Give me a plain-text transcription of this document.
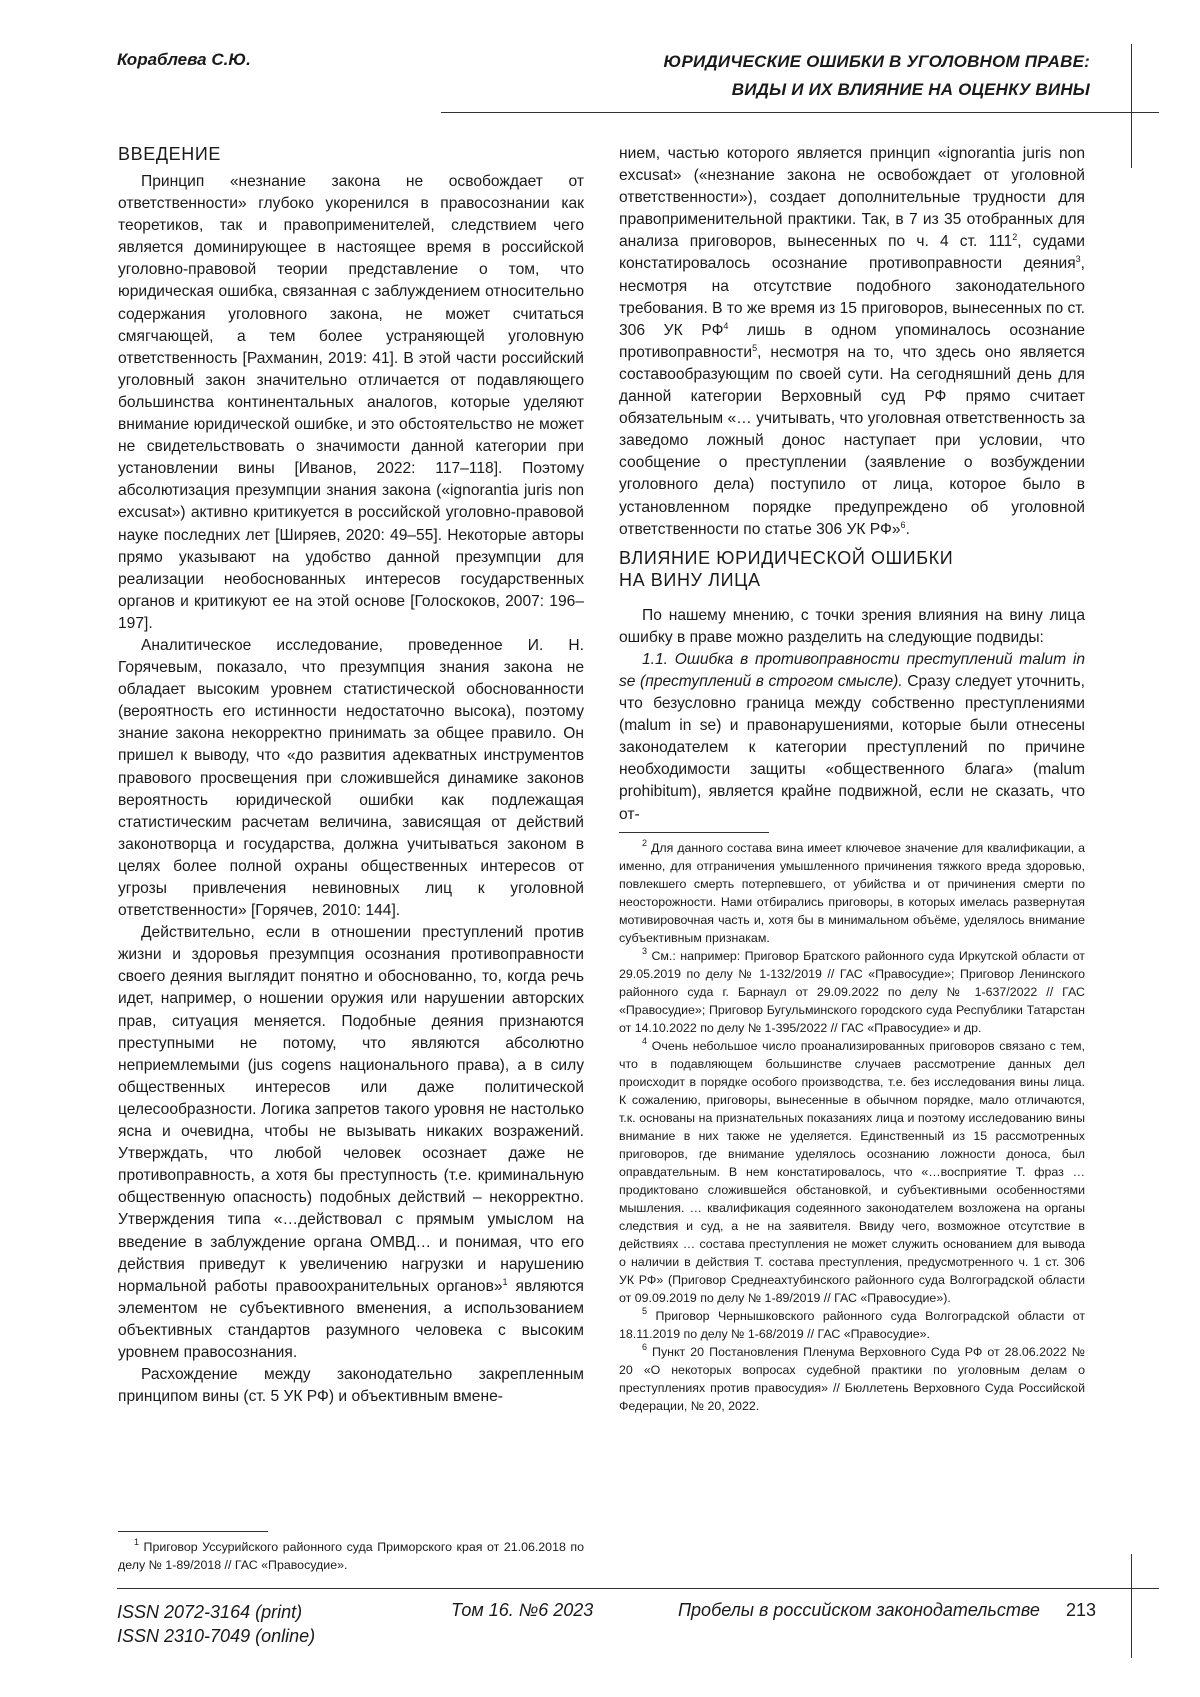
Кораблева С.Ю.	ЮРИДИЧЕСКИЕ ОШИБКИ В УГОЛОВНОМ ПРАВЕ:
ВИДЫ И ИХ ВЛИЯНИЕ НА ОЦЕНКУ ВИНЫ
ВВЕДЕНИЕ

Принцип «незнание закона не освобождает от ответственности» глубоко укоренился в правосознании как теоретиков, так и правоприменителей, следствием чего является доминирующее в настоящее время в российской уголовно-правовой теории представление о том, что юридическая ошибка, связанная с заблуждением относительно содержания уголовного закона, не может считаться смягчающей, а тем более устраняющей уголовную ответственность [Рахманин, 2019: 41]. В этой части российский уголовный закон значительно отличается от подавляющего большинства континентальных аналогов, которые уделяют внимание юридической ошибке, и это обстоятельство не может не свидетельствовать о значимости данной категории при установлении вины [Иванов, 2022: 117–118]. Поэтому абсолютизация презумпции знания закона («ignorantia juris non excusat») активно критикуется в российской уголовно-правовой науке последних лет [Ширяев, 2020: 49–55]. Некоторые авторы прямо указывают на удобство данной презумпции для реализации необоснованных интересов государственных органов и критикуют ее на этой основе [Голоскоков, 2007: 196–197].

Аналитическое исследование, проведенное И. Н. Горячевым, показало, что презумпция знания закона не обладает высоким уровнем статистической обоснованности (вероятность его истинности недостаточно высока), поэтому знание закона некорректно принимать за общее правило. Он пришел к выводу, что «до развития адекватных инструментов правового просвещения при сложившейся динамике законов вероятность юридической ошибки как подлежащая статистическим расчетам величина, зависящая от действий законотворца и государства, должна учитываться законом в целях более полной охраны общественных интересов от угрозы привлечения невиновных лиц к уголовной ответственности» [Горячев, 2010: 144].

Действительно, если в отношении преступлений против жизни и здоровья презумпция осознания противоправности своего деяния выглядит понятно и обоснованно, то, когда речь идет, например, о ношении оружия или нарушении авторских прав, ситуация меняется. Подобные деяния признаются преступными не потому, что являются абсолютно неприемлемыми (jus cogens национального права), а в силу общественных интересов или даже политической целесообразности. Логика запретов такого уровня не настолько ясна и очевидна, чтобы не вызывать никаких возражений. Утверждать, что любой человек осознает даже не противоправность, а хотя бы преступность (т.е. криминальную общественную опасность) подобных действий – некорректно. Утверждения типа «…действовал с прямым умыслом на введение в заблуждение органа ОМВД… и понимая, что его действия приведут к увеличению нагрузки и нарушению нормальной работы правоохранительных органов»1 являются элементом не субъективного вменения, а использованием объективных стандартов разумного человека с высоким уровнем правосознания.

Расхождение между законодательно закрепленным принципом вины (ст. 5 УК РФ) и объективным вмене-

1 Приговор Уссурийского районного суда Приморского края от 21.06.2018 по делу № 1-89/2018 // ГАС «Правосудие».

нием, частью которого является принцип «ignorantia juris non excusat» («незнание закона не освобождает от уголовной ответственности»), создает дополнительные трудности для правоприменительной практики. Так, в 7 из 35 отобранных для анализа приговоров, вынесенных по ч. 4 ст. 1112, судами констатировалось осознание противоправности деяния3, несмотря на отсутствие подобного законодательного требования. В то же время из 15 приговоров, вынесенных по ст. 306 УК РФ4 лишь в одном упоминалось осознание противоправности5, несмотря на то, что здесь оно является составообразующим по своей сути. На сегодняшний день для данной категории Верховный суд РФ прямо считает обязательным «… учитывать, что уголовная ответственность за заведомо ложный донос наступает при условии, что сообщение о преступлении (заявление о возбуждении уголовного дела) поступило от лица, которое было в установленном порядке предупреждено об уголовной ответственности по статье 306 УК РФ»6.

ВЛИЯНИЕ ЮРИДИЧЕСКОЙ ОШИБКИ
НА ВИНУ ЛИЦА

По нашему мнению, с точки зрения влияния на вину лица ошибку в праве можно разделить на следующие подвиды:

1.1. Ошибка в противоправности преступлений malum in se (преступлений в строгом смысле). Сразу следует уточнить, что безусловно граница между собственно преступлениями (malum in se) и правонарушениями, которые были отнесены законодателем к категории преступлений по причине необходимости защиты «общественного блага» (malum prohibitum), является крайне подвижной, если не сказать, что от-

2 Для данного состава вина имеет ключевое значение для квалификации, а именно, для отграничения умышленного причинения тяжкого вреда здоровью, повлекшего смерть потерпевшего, от убийства и от причинения смерти по неосторожности. Нами отбирались приговоры, в которых имелась развернутая мотивировочная часть и, хотя бы в минимальном объёме, уделялось внимание субъективным признакам.

3 См.: например: Приговор Братского районного суда Иркутской области от 29.05.2019 по делу № 1-132/2019 // ГАС «Правосудие»; Приговор Ленинского районного суда г. Барнаул от 29.09.2022 по делу № 1-637/2022 // ГАС «Правосудие»; Приговор Бугульминского городского суда Республики Татарстан от 14.10.2022 по делу № 1-395/2022 // ГАС «Правосудие» и др.

4 Очень небольшое число проанализированных приговоров связано с тем, что в подавляющем большинстве случаев рассмотрение данных дел происходит в порядке особого производства, т.е. без исследования вины лица. К сожалению, приговоры, вынесенные в обычном порядке, мало отличаются, т.к. основаны на признательных показаниях лица и поэтому исследованию вины внимание в них также не уделяется. Единственный из 15 рассмотренных приговоров, где внимание уделялось осознанию ложности доноса, был оправдательным. В нем констатировалось, что «…восприятие Т. фраз … продиктовано сложившейся обстановкой, и субъективными особенностями мышления. … квалификация содеянного законодателем возложена на органы следствия и суд, а не на заявителя. Ввиду чего, возможное отсутствие в действиях … состава преступления не может служить основанием для вывода о наличии в действия Т. состава преступления, предусмотренного ч. 1 ст. 306 УК РФ» (Приговор Среднеахтубинского районного суда Волгоградской области от 09.09.2019 по делу № 1-89/2019 // ГАС «Правосудие»).

5 Приговор Чернышковского районного суда Волгоградской области от 18.11.2019 по делу № 1-68/2019 // ГАС «Правосудие».

6 Пункт 20 Постановления Пленума Верховного Суда РФ от 28.06.2022 № 20 «О некоторых вопросах судебной практики по уголовным делам о преступлениях против правосудия» // Бюллетень Верховного Суда Российской Федерации, № 20, 2022.

ISSN 2072-3164 (print)
ISSN 2310-7049 (online)
Том 16. №6 2023	Пробелы в российском законодательстве 213
